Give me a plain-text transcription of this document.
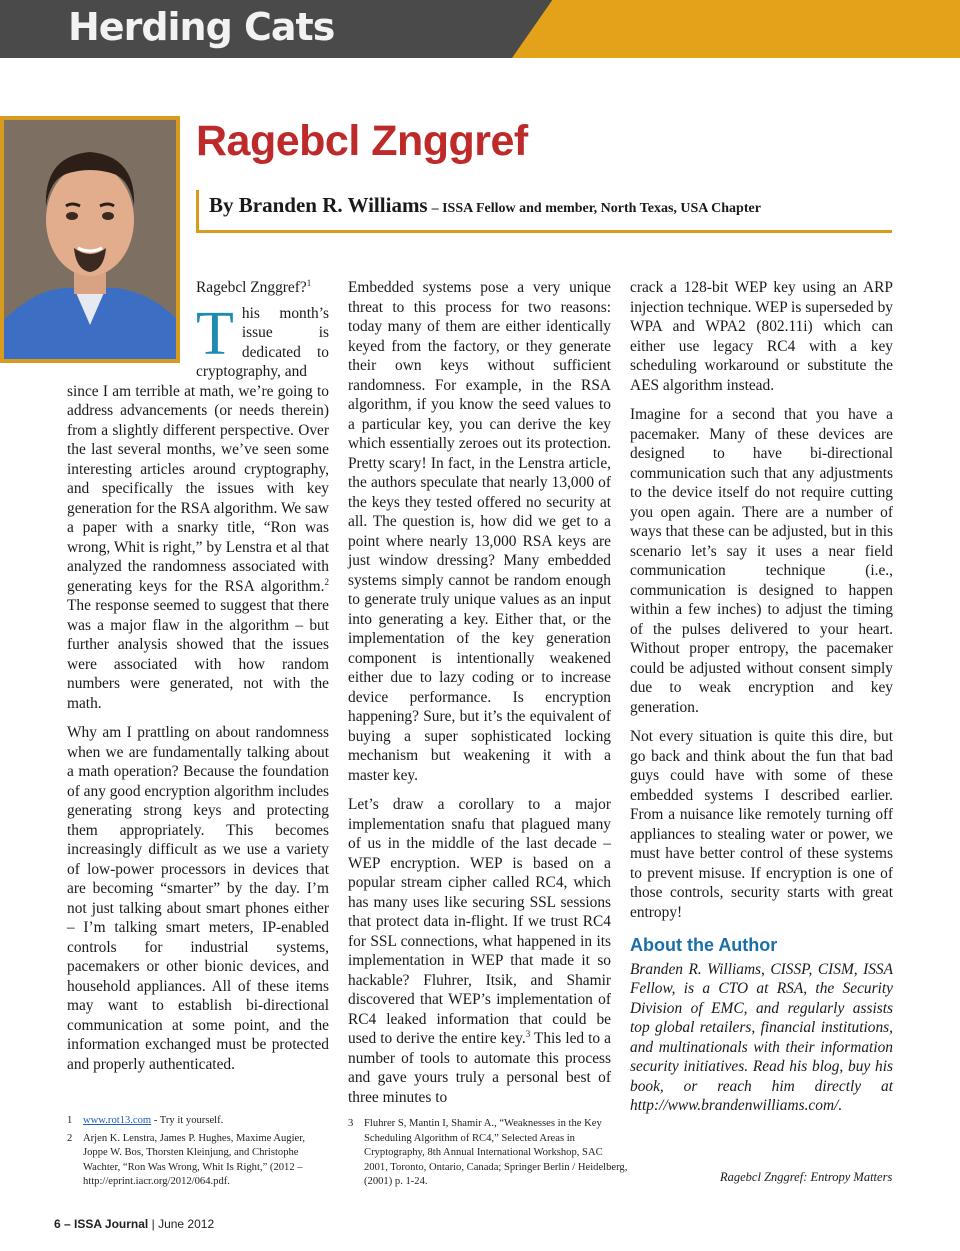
Herding Cats
Ragebcl Znggref
By Branden R. Williams – ISSA Fellow and member, North Texas, USA Chapter

Ragebcl Znggref?$^1$

This month’s issue is dedicated to cryptography, and
since I am terrible at math, we’re going to address advancements (or needs therein) from a slightly different perspective. Over the last several months, we’ve seen some interesting articles around cryptography, and specifically the issues with key generation for the RSA algorithm. We saw a paper with a snarky title, “Ron was wrong, Whit is right,” by Lenstra et al that analyzed the randomness associated with generating keys for the RSA algorithm.$^2$ The response seemed to suggest that there was a major flaw in the algorithm – but further analysis showed that the issues were associated with how random numbers were generated, not with the math.

Why am I prattling on about randomness when we are fundamentally talking about a math operation? Because the foundation of any good encryption algorithm includes generating strong keys and protecting them appropriately. This becomes increasingly difficult as we use a variety of low-power processors in devices that are becoming “smarter” by the day. I’m not just talking about smart phones either – I’m talking smart meters, IP-enabled controls for industrial systems, pacemakers or other bionic devices, and household appliances. All of these items may want to establish bi-directional communication at some point, and the information exchanged must be protected and properly authenticated.

Embedded systems pose a very unique threat to this process for two reasons: today many of them are either identically keyed from the factory, or they generate their own keys without sufficient randomness. For example, in the RSA algorithm, if you know the seed values to a particular key, you can derive the key which essentially zeroes out its protection. Pretty scary! In fact, in the Lenstra article, the authors speculate that nearly 13,000 of the keys they tested offered no security at all. The question is, how did we get to a point where nearly 13,000 RSA keys are just window dressing? Many embedded systems simply cannot be random enough to generate truly unique values as an input into generating a key. Either that, or the implementation of the key generation component is intentionally weakened either due to lazy coding or to increase device performance. Is encryption happening? Sure, but it’s the equivalent of buying a super sophisticated locking mechanism but weakening it with a master key.

Let’s draw a corollary to a major implementation snafu that plagued many of us in the middle of the last decade – WEP encryption. WEP is based on a popular stream cipher called RC4, which has many uses like securing SSL sessions that protect data in-flight. If we trust RC4 for SSL connections, what happened in its implementation in WEP that made it so hackable? Fluhrer, Itsik, and Shamir discovered that WEP’s implementation of RC4 leaked information that could be used to derive the entire key.$^3$ This led to a number of tools to automate this process and gave yours truly a personal best of three minutes to

crack a 128-bit WEP key using an ARP injection technique. WEP is superseded by WPA and WPA2 (802.11i) which can either use legacy RC4 with a key scheduling workaround or substitute the AES algorithm instead.

Imagine for a second that you have a pacemaker. Many of these devices are designed to have bi-directional communication such that any adjustments to the device itself do not require cutting you open again. There are a number of ways that these can be adjusted, but in this scenario let’s say it uses a near field communication technique (i.e., communication is designed to happen within a few inches) to adjust the timing of the pulses delivered to your heart. Without proper entropy, the pacemaker could be adjusted without consent simply due to weak encryption and key generation.

Not every situation is quite this dire, but go back and think about the fun that bad guys could have with some of these embedded systems I described earlier. From a nuisance like remotely turning off appliances to stealing water or power, we must have better control of these systems to prevent misuse. If encryption is one of those controls, security starts with great entropy!

About the Author

Branden R. Williams, CISSP, CISM, ISSA Fellow, is a CTO at RSA, the Security Division of EMC, and regularly assists top global retailers, financial institutions, and multinationals with their information security initiatives. Read his blog, buy his book, or reach him directly at http://www.brandenwilliams.com/.

1	www.rot13.com - Try it yourself.
2	Arjen K. Lenstra, James P. Hughes, Maxime Augier, Joppe W. Bos, Thorsten Kleinjung, and Christophe Wachter, “Ron Was Wrong, Whit Is Right,” (2012 – http://eprint.iacr.org/2012/064.pdf.
3	Fluhrer S, Mantin I, Shamir A., “Weaknesses in the Key Scheduling Algorithm of RC4,” Selected Areas in Cryptography, 8th Annual International Workshop, SAC 2001, Toronto, Ontario, Canada; Springer Berlin / Heidelberg, (2001) p. 1-24.	Ragebcl Znggref: Entropy Matters
6 – ISSA Journal | June 2012
